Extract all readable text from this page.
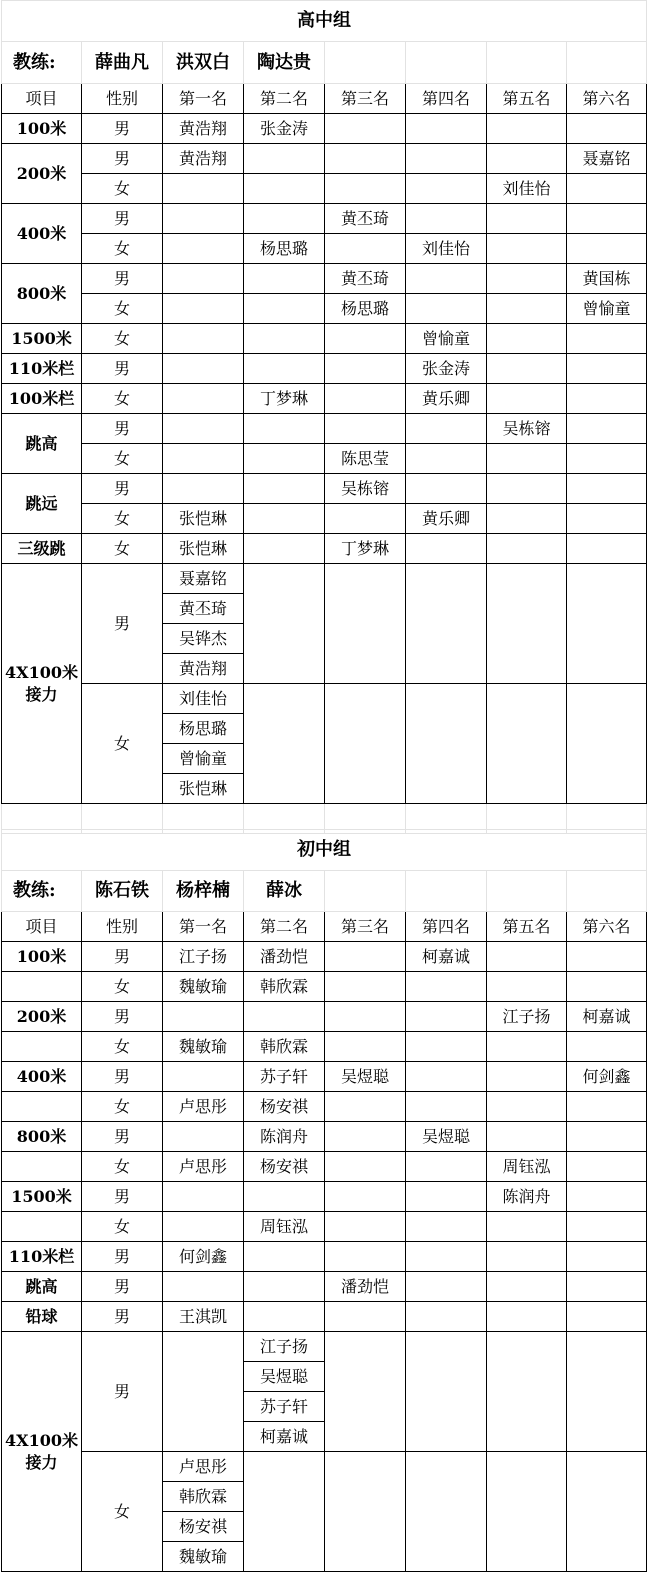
高中组							
教练:	薛曲凡	洪双白	陶达贵				
项目	性别	第一名	第二名	第三名	第四名	第五名	第六名
100米	男	黄浩翔	张金涛				
200米	男	黄浩翔					聂嘉铭
	女					刘佳怡	
400米	男			黄丕琦			
	女		杨思璐		刘佳怡		
800米	男			黄丕琦			黄国栋
	女			杨思璐			曾愉童
1500米	女				曾愉童		
110米栏	男				张金涛		
100米栏	女		丁梦琳		黄乐卿		
跳高	男					吴栋镕	
	女			陈思莹			
跳远	男			吴栋镕			
	女	张恺琳			黄乐卿		
三级跳	女	张恺琳		丁梦琳			

4X100米
接力	男	聂嘉铭					
		黄丕琦					
		吴铧杰					
		黄浩翔					
	女	刘佳怡					
		杨思璐					
		曾愉童					
		张恺琳					

初中组							
教练:	陈石铁	杨梓楠	薛冰				
项目	性别	第一名	第二名	第三名	第四名	第五名	第六名
100米	男	江子扬	潘劲恺		柯嘉诚		
	女	魏敏瑜	韩欣霖				
200米	男					江子扬	柯嘉诚
	女	魏敏瑜	韩欣霖				
400米	男		苏子轩	吴煜聪			何剑鑫
	女	卢思彤	杨安祺				
800米	男		陈润舟		吴煜聪		
	女	卢思彤	杨安祺			周钰泓	
1500米	男					陈润舟	
	女		周钰泓				
110米栏	男	何剑鑫					
跳高	男			潘劲恺			
铅球	男	王淇凯					
4X100米
接力	男		江子扬				
			吴煜聪				
			苏子轩				
			柯嘉诚				
	女	卢思彤					
		韩欣霖					
		杨安祺					
		魏敏瑜					
